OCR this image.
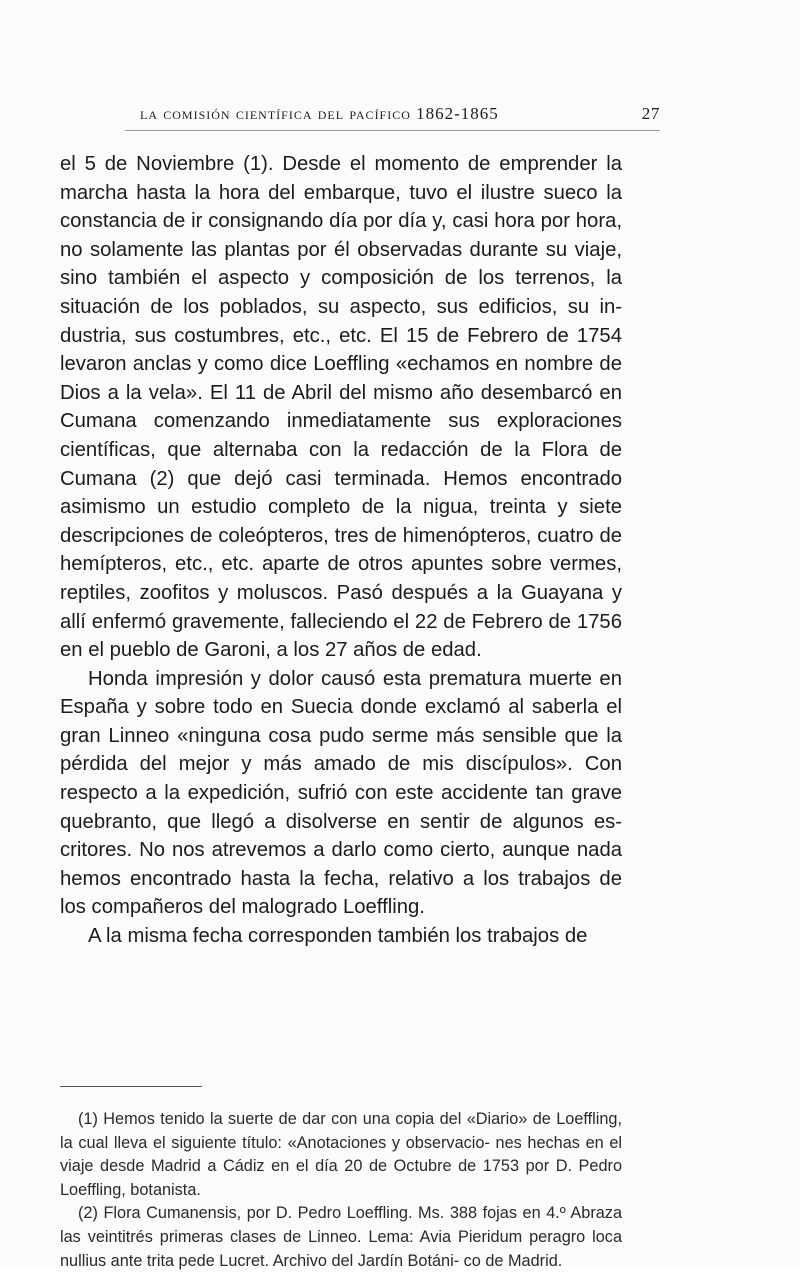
la comisión científica del pacífico 1862-1865	27

el 5 de Noviembre (1). Desde el momento de emprender la marcha hasta la hora del embarque, tuvo el ilustre sueco la constancia de ir consignando día por día y, casi hora por hora, no solamente las plantas por él observadas durante su viaje, sino también el aspecto y composición de los terrenos, la situación de los poblados, su aspecto, sus edificios, su in- dustria, sus costumbres, etc., etc. El 15 de Febrero de 1754 levaron anclas y como dice Loeffling «echamos en nombre de Dios a la vela». El 11 de Abril del mismo año desembarcó en Cumana comenzando inmediatamente sus exploraciones científicas, que alternaba con la redacción de la Flora de Cumana (2) que dejó casi terminada. Hemos encontrado asimismo un estudio completo de la nigua, treinta y siete descripciones de coleópteros, tres de himenópteros, cuatro de hemípteros, etc., etc. aparte de otros apuntes sobre vermes, reptiles, zoofitos y moluscos. Pasó después a la Guayana y allí enfermó gravemente, falleciendo el 22 de Febrero de 1756 en el pueblo de Garoni, a los 27 años de edad.

Honda impresión y dolor causó esta prematura muerte en España y sobre todo en Suecia donde exclamó al saberla el gran Linneo «ninguna cosa pudo serme más sensible que la pérdida del mejor y más amado de mis discípulos». Con respecto a la expedición, sufrió con este accidente tan grave quebranto, que llegó a disolverse en sentir de algunos es- critores. No nos atrevemos a darlo como cierto, aunque nada hemos encontrado hasta la fecha, relativo a los trabajos de los compañeros del malogrado Loeffling.

A la misma fecha corresponden también los trabajos de

(1) Hemos tenido la suerte de dar con una copia del «Diario» de Loeffling, la cual lleva el siguiente título: «Anotaciones y observacio- nes hechas en el viaje desde Madrid a Cádiz en el día 20 de Octubre de 1753 por D. Pedro Loeffling, botanista.

(2) Flora Cumanensis, por D. Pedro Loeffling. Ms. 388 fojas en 4.º Abraza las veintitrés primeras clases de Linneo. Lema: Avia Pieridum peragro loca nullius ante trita pede Lucret. Archivo del Jardín Botáni- co de Madrid.
